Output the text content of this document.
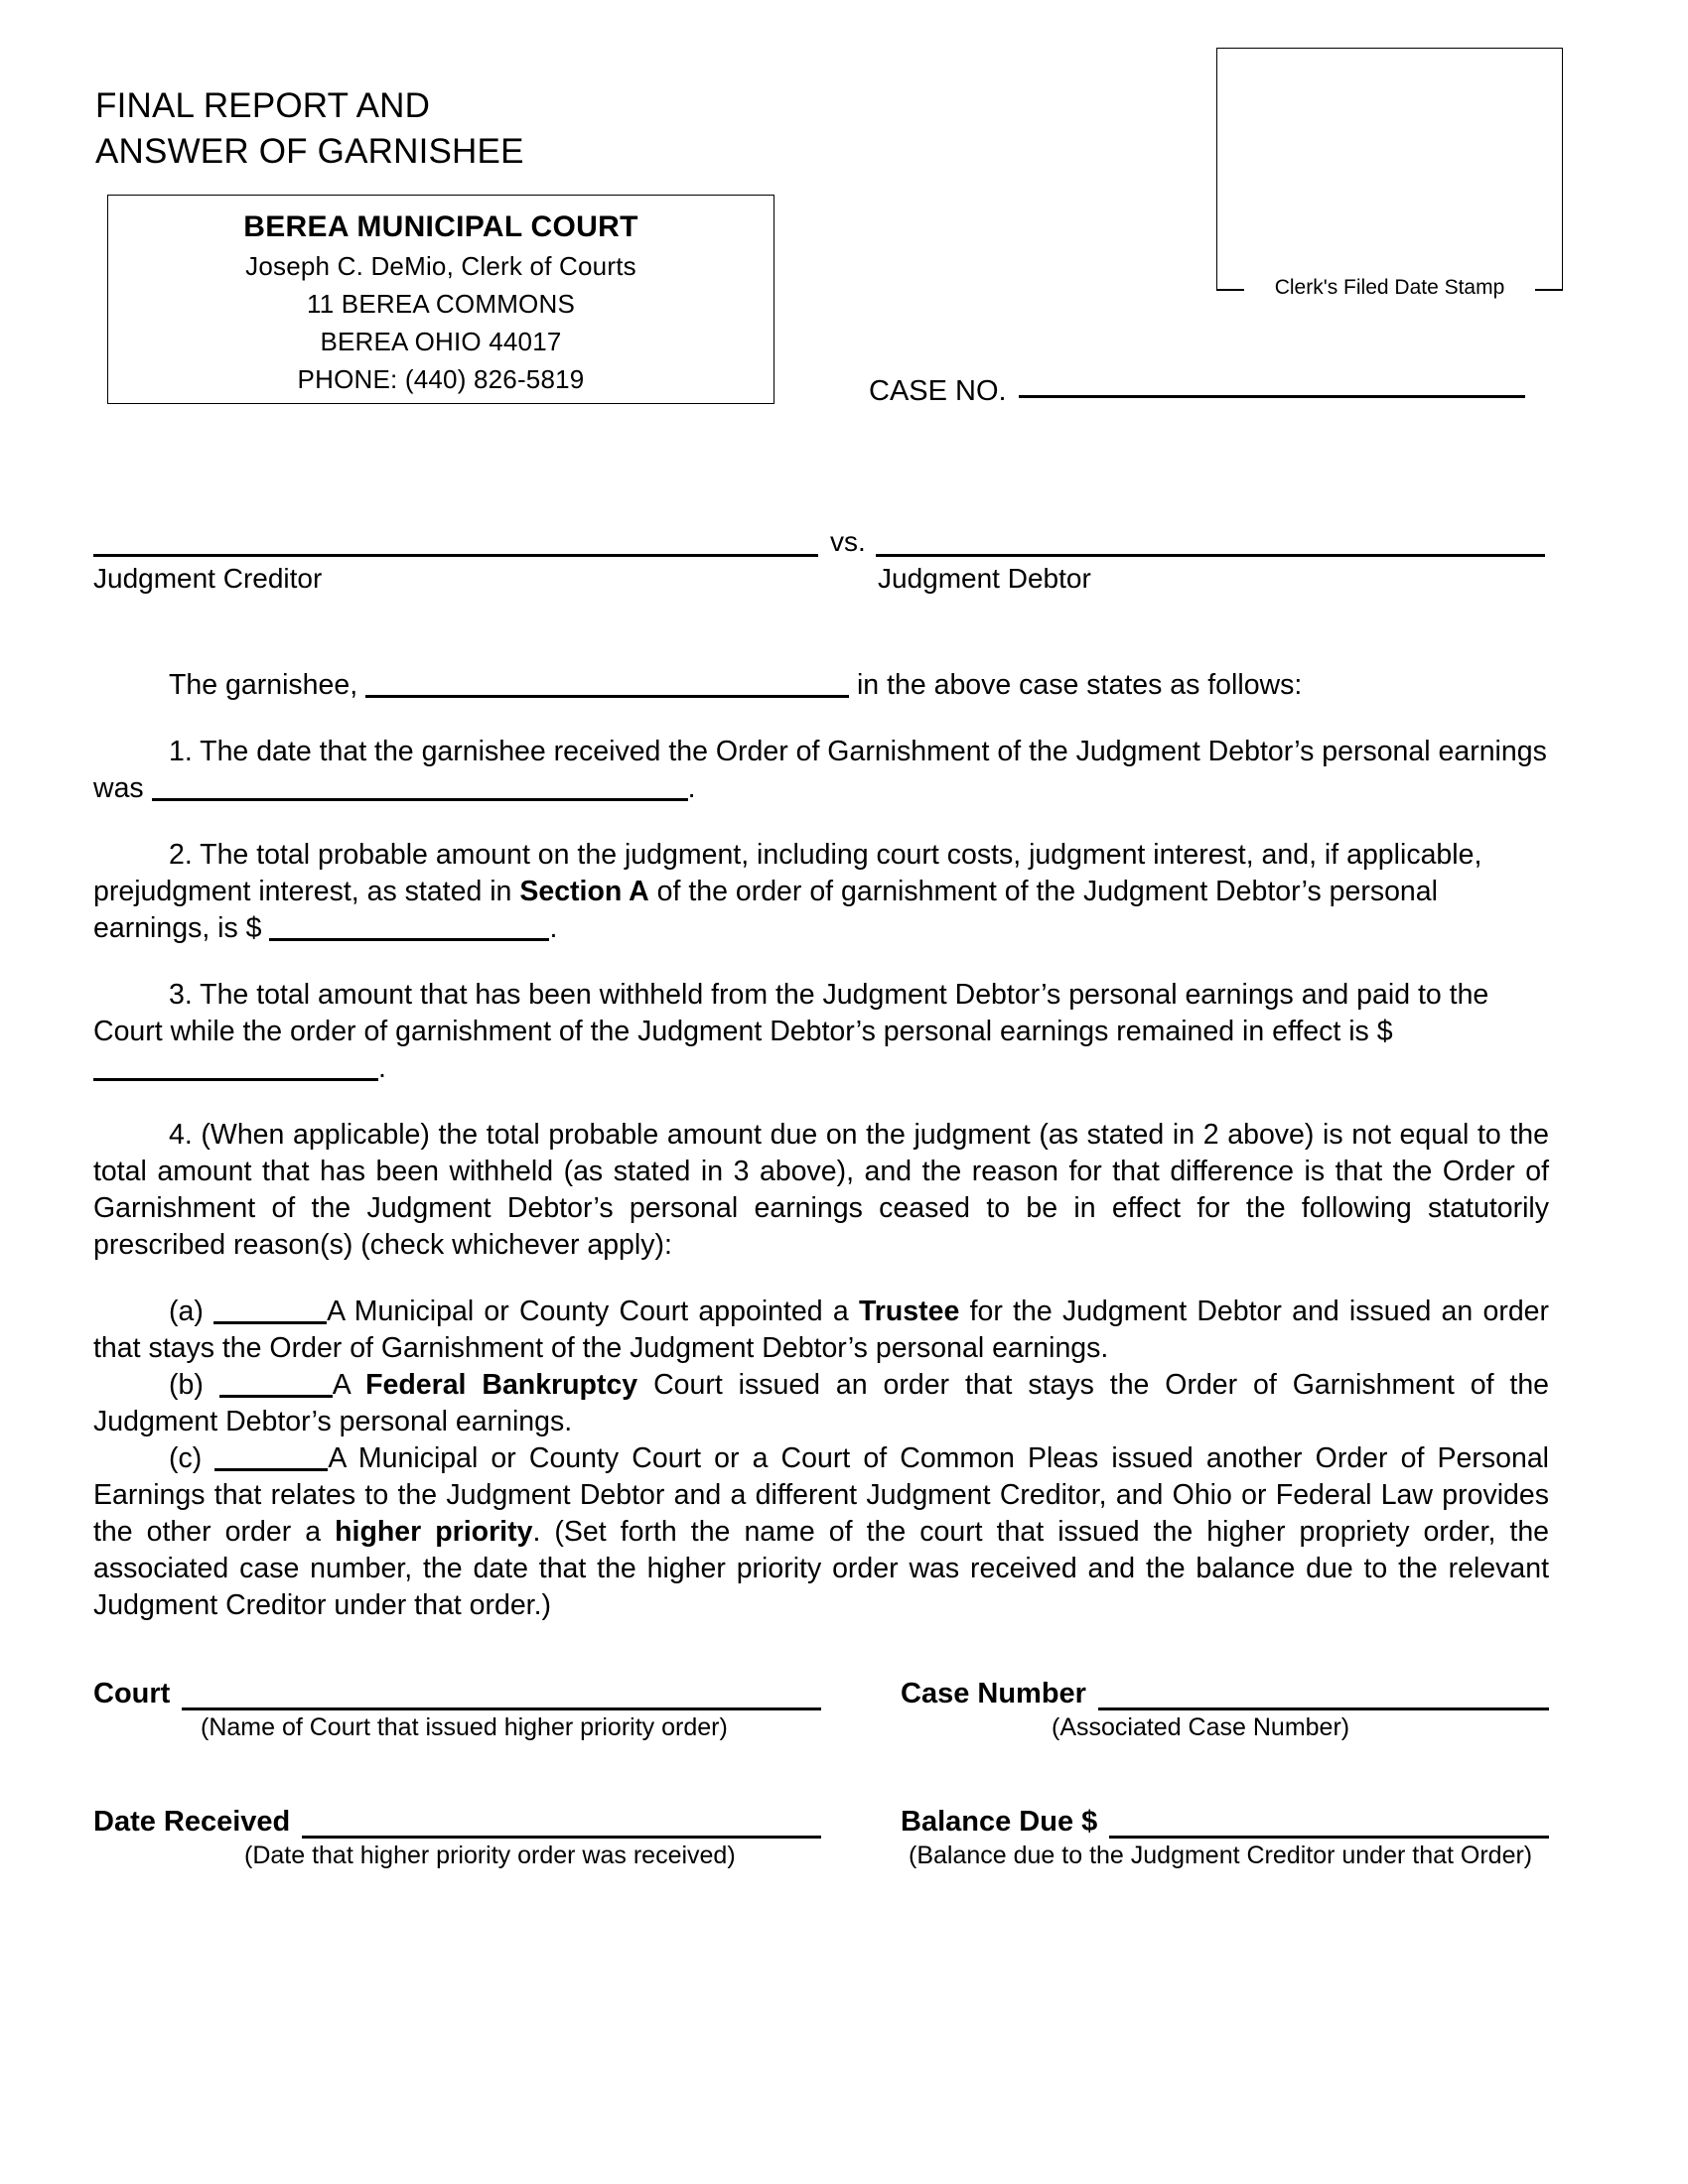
FINAL REPORT AND
ANSWER OF GARNISHEE
BEREA MUNICIPAL COURT
Joseph C. DeMio, Clerk of Courts
11 BEREA COMMONS
BEREA OHIO 44017
PHONE: (440) 826-5819
Clerk's Filed Date Stamp
CASE NO.
vs.
Judgment Creditor	Judgment Debtor

The garnishee,	in the above case states as follows:

1. The date that the garnishee received the Order of Garnishment of the Judgment Debtor’s personal earnings was	.

2. The total probable amount on the judgment, including court costs, judgment interest, and, if applicable, prejudgment interest, as stated in Section A of the order of garnishment of the Judgment Debtor’s personal earnings, is $	.

3. The total amount that has been withheld from the Judgment Debtor’s personal earnings and paid to the Court while the order of garnishment of the Judgment Debtor’s personal earnings remained in effect is $.

4. (When applicable) the total probable amount due on the judgment (as stated in 2 above) is not equal to the total amount that has been withheld (as stated in 3 above), and the reason for that difference is that the Order of Garnishment of the Judgment Debtor’s personal earnings ceased to be in effect for the following statutorily prescribed reason(s) (check whichever apply):

(a)	A Municipal or County Court appointed a Trustee for the Judgment Debtor and issued an order that stays the Order of Garnishment of the Judgment Debtor’s personal earnings.

(b)	A Federal Bankruptcy Court issued an order that stays the Order of Garnishment of the Judgment Debtor’s personal earnings.

(c)	A Municipal or County Court or a Court of Common Pleas issued another Order of Personal Earnings that relates to the Judgment Debtor and a different Judgment Creditor, and Ohio or Federal Law provides the other order a higher priority. (Set forth the name of the court that issued the higher propriety order, the associated case number, the date that the higher priority order was received and the balance due to the relevant Judgment Creditor under that order.)

Court
(Name of Court that issued higher priority order)
Case Number
(Associated Case Number)
Date Received
(Date that higher priority order was received)
Balance Due $
(Balance due to the Judgment Creditor under that Order)
